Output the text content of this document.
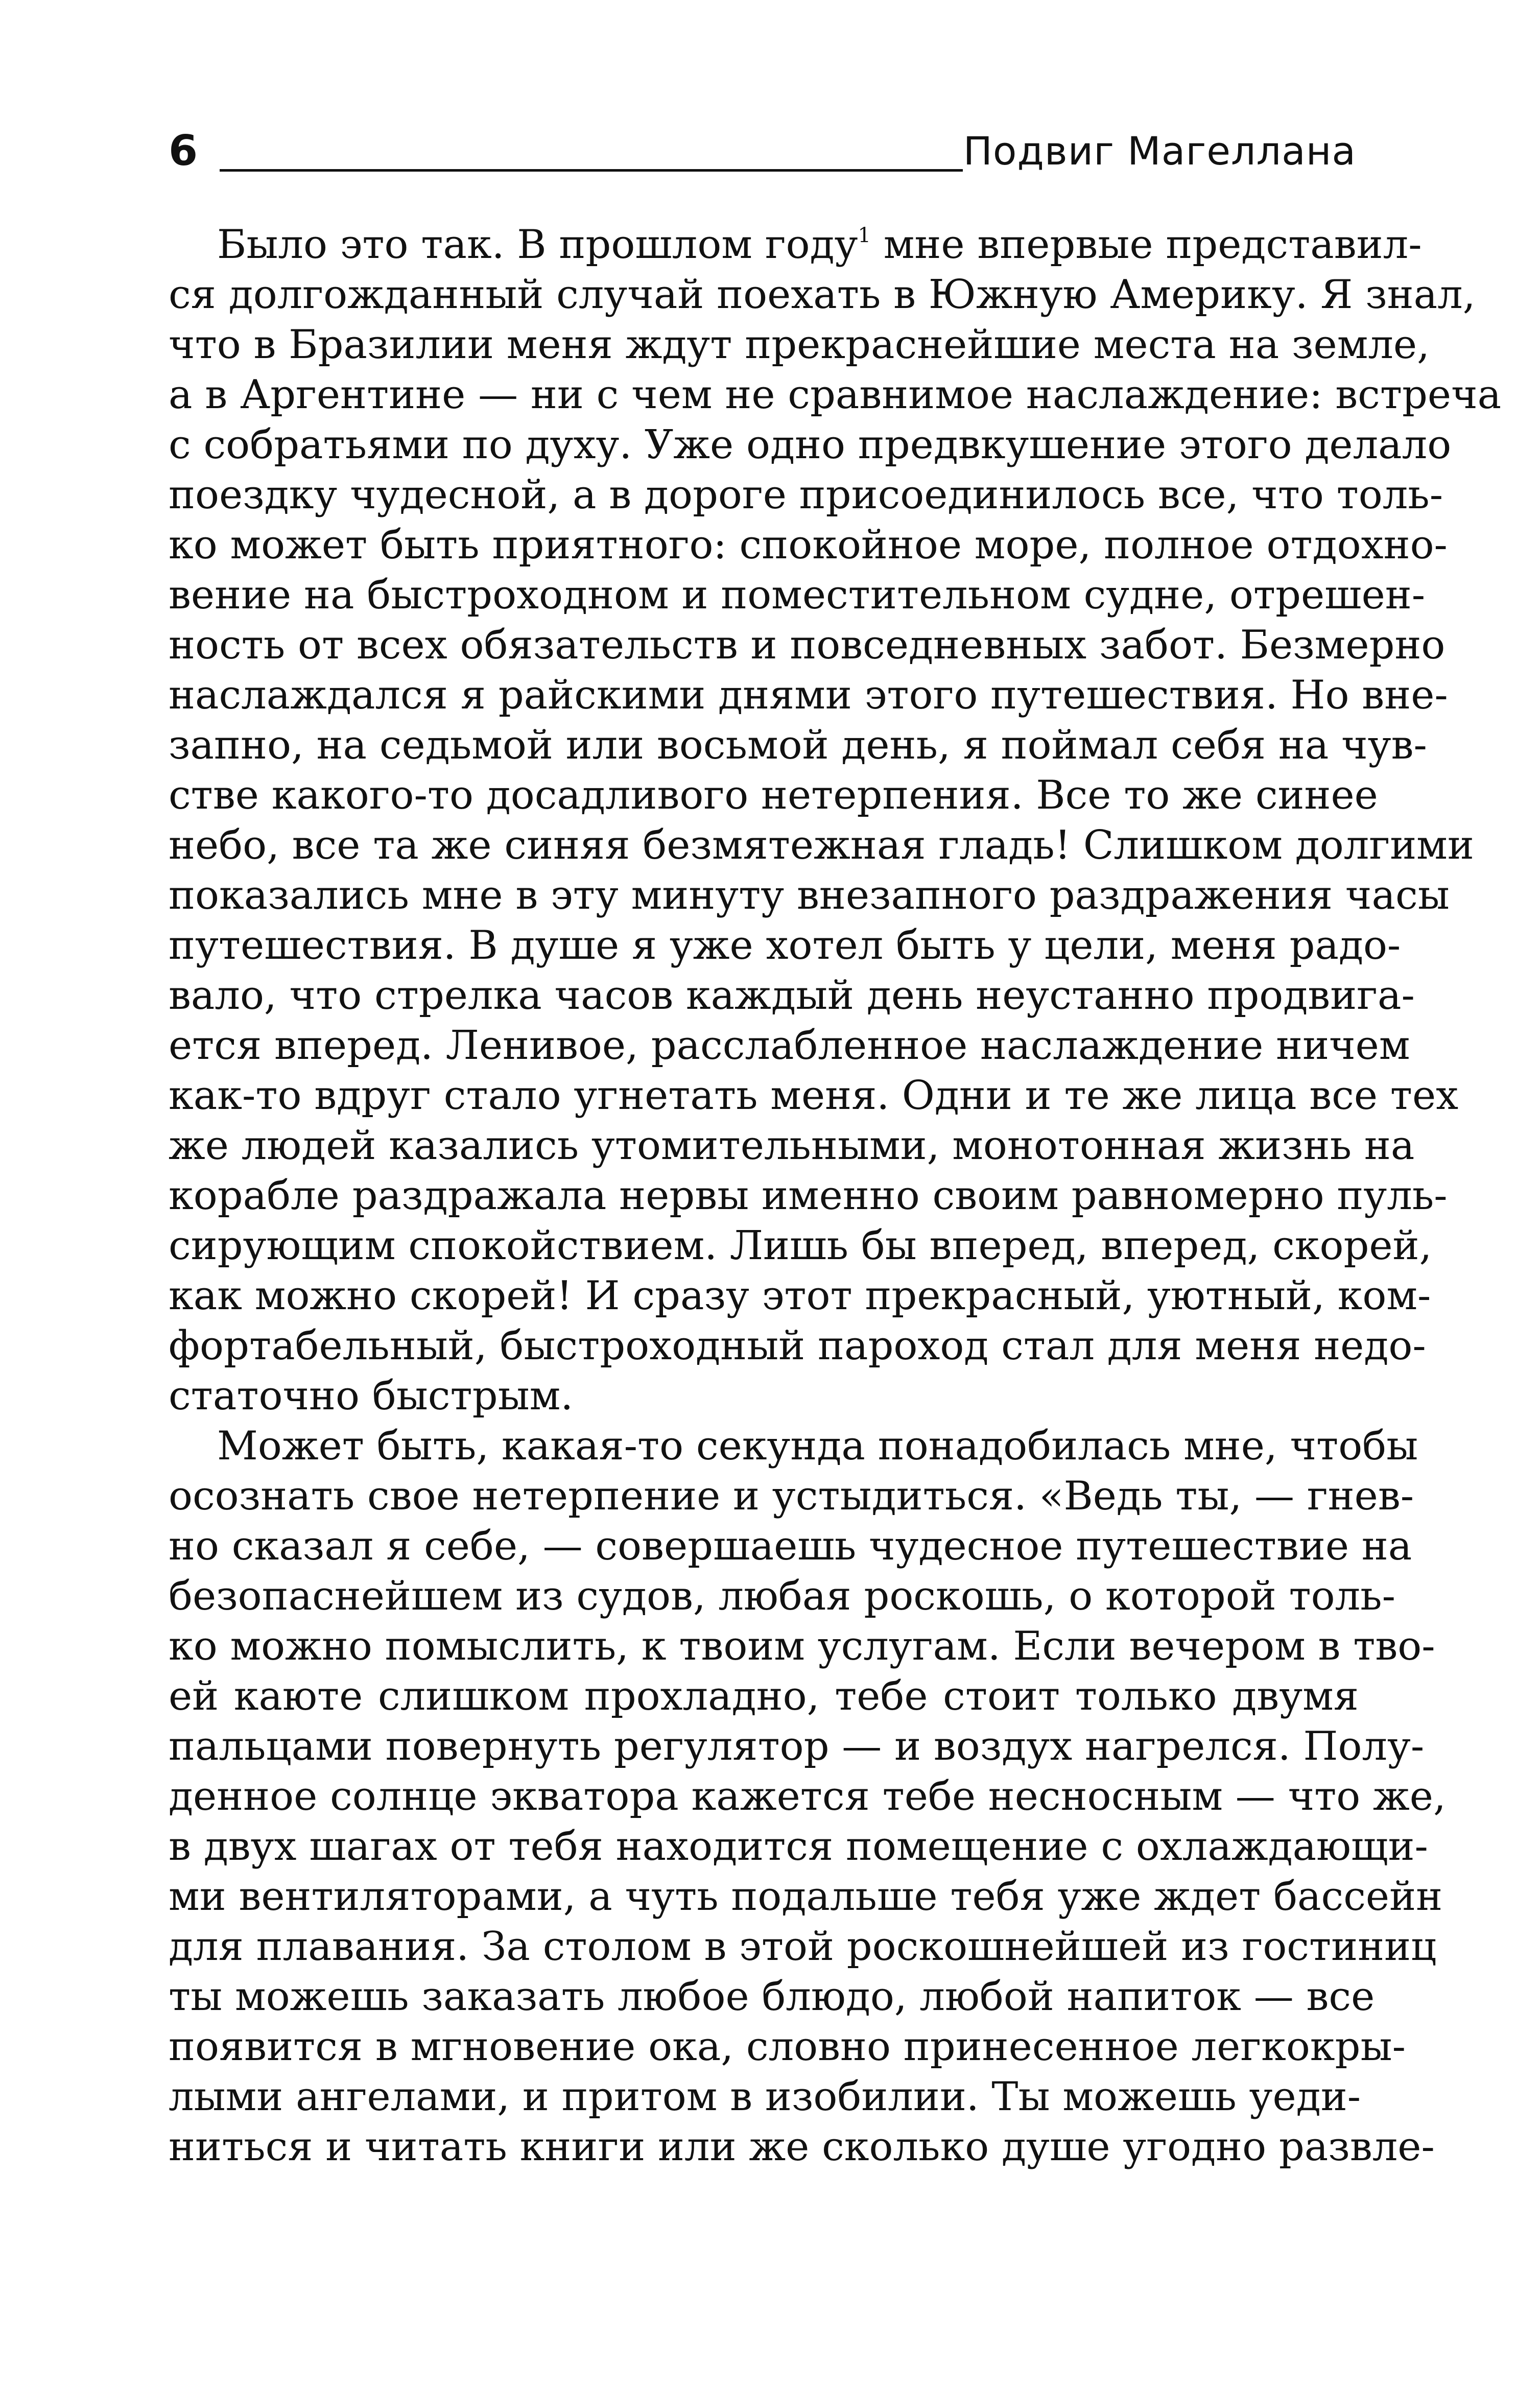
6	Подвиг Магеллана
Было это так. В прошлом году$^1$ мне впервые представил-
ся долгожданный случай поехать в Южную Америку. Я знал,
что в Бразилии меня ждут прекраснейшие места на земле,
а в Аргентине — ни с чем не сравнимое наслаждение: встреча
с собратьями по духу. Уже одно предвкушение этого делало
поездку чудесной, а в дороге присоединилось все, что толь-
ко может быть приятного: спокойное море, полное отдохно-
вение на быстроходном и поместительном судне, отрешен-
ность от всех обязательств и повседневных забот. Безмерно
наслаждался я райскими днями этого путешествия. Но вне-
запно, на седьмой или восьмой день, я поймал себя на чув-
стве какого-то досадливого нетерпения. Все то же синее
небо, все та же синяя безмятежная гладь! Слишком долгими
показались мне в эту минуту внезапного раздражения часы
путешествия. В душе я уже хотел быть у цели, меня радо-
вало, что стрелка часов каждый день неустанно продвига-
ется вперед. Ленивое, расслабленное наслаждение ничем
как-то вдруг стало угнетать меня. Одни и те же лица все тех
же людей казались утомительными, монотонная жизнь на
корабле раздражала нервы именно своим равномерно пуль-
сирующим спокойствием. Лишь бы вперед, вперед, скорей,
как можно скорей! И сразу этот прекрасный, уютный, ком-
фортабельный, быстроходный пароход стал для меня недо-
статочно быстрым.
Может быть, какая-то секунда понадобилась мне, чтобы
осознать свое нетерпение и устыдиться. «Ведь ты, — гнев-
но сказал я себе, — совершаешь чудесное путешествие на
безопаснейшем из судов, любая роскошь, о которой толь-
ко можно помыслить, к твоим услугам. Если вечером в тво-
ей каюте слишком прохладно, тебе стоит только двумя
пальцами повернуть регулятор — и воздух нагрелся. Полу-
денное солнце экватора кажется тебе несносным — что же,
в двух шагах от тебя находится помещение с охлаждающи-
ми вентиляторами, а чуть подальше тебя уже ждет бассейн
для плавания. За столом в этой роскошнейшей из гостиниц
ты можешь заказать любое блюдо, любой напиток — все
появится в мгновение ока, словно принесенное легкокры-
лыми ангелами, и притом в изобилии. Ты можешь уеди-
ниться и читать книги или же сколько душе угодно развле-
